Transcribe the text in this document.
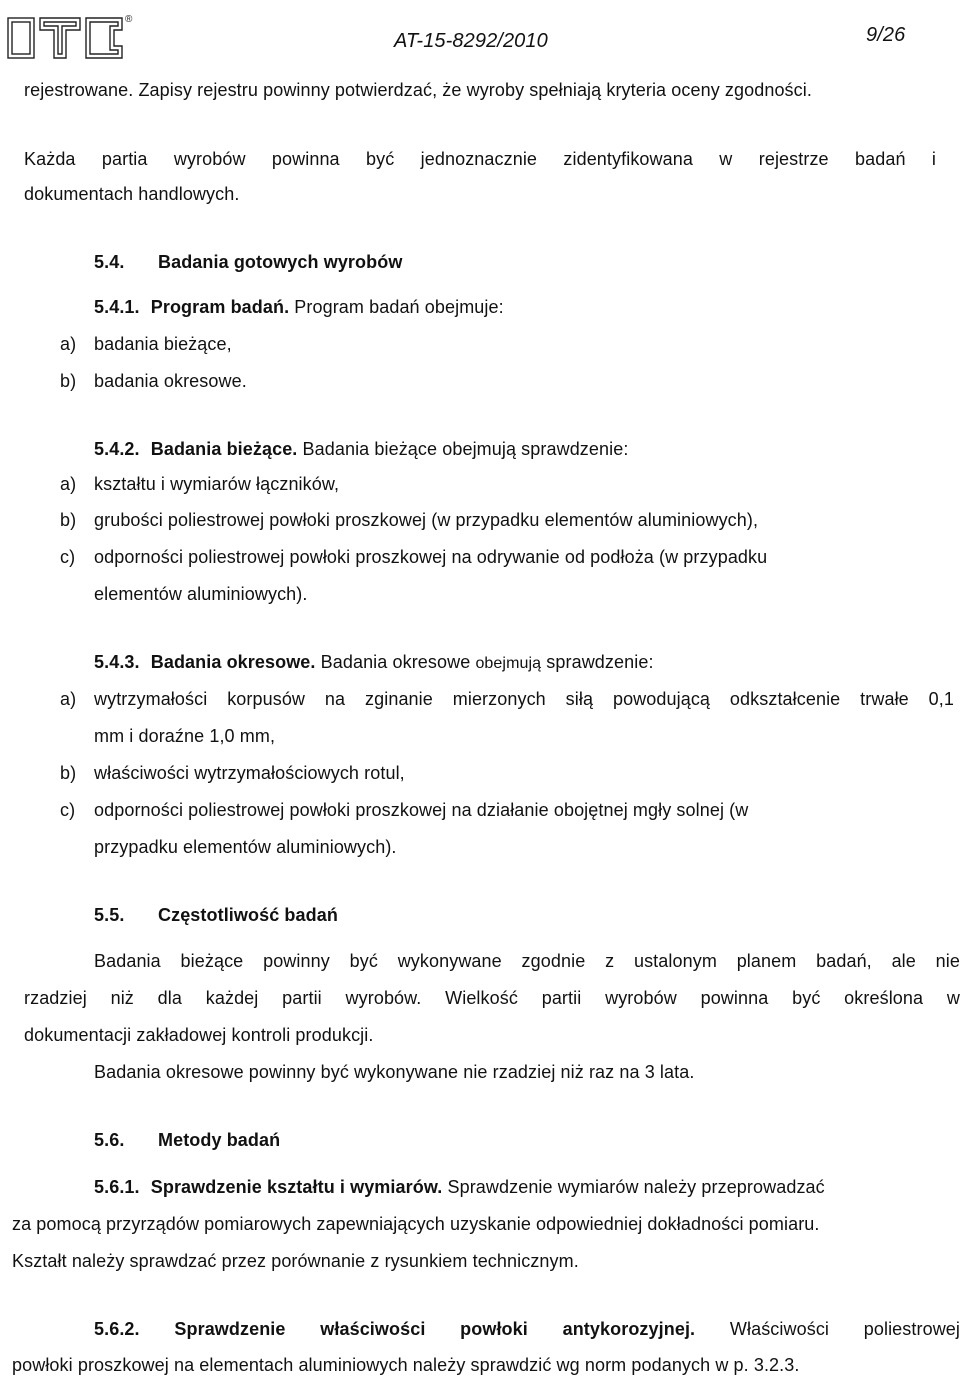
®
AT-15-8292/2010	9/26
rejestrowane. Zapisy rejestru powinny potwierdzać, że wyroby spełniają kryteria oceny zgodności.
Każda partia wyrobów powinna być jednoznacznie zidentyfikowana w rejestrze badań i
dokumentach handlowych.
5.4. Badania gotowych wyrobów
5.4.1. Program badań. Program badań obejmuje:
a) badania bieżące,
b) badania okresowe.
5.4.2. Badania bieżące. Badania bieżące obejmują sprawdzenie:
a) kształtu i wymiarów łączników,
b) grubości poliestrowej powłoki proszkowej (w przypadku elementów aluminiowych),
c) odporności poliestrowej powłoki proszkowej na odrywanie od podłoża (w przypadku
elementów aluminiowych).
5.4.3. Badania okresowe. Badania okresowe obejmują sprawdzenie:
a) wytrzymałości korpusów na zginanie mierzonych siłą powodującą odkształcenie trwałe 0,1
mm i doraźne 1,0 mm,
b) właściwości wytrzymałościowych rotul,
c) odporności poliestrowej powłoki proszkowej na działanie obojętnej mgły solnej (w
przypadku elementów aluminiowych).
5.5. Częstotliwość badań
Badania bieżące powinny być wykonywane zgodnie z ustalonym planem badań, ale nie
rzadziej niż dla każdej partii wyrobów. Wielkość partii wyrobów powinna być określona w
dokumentacji zakładowej kontroli produkcji.
Badania okresowe powinny być wykonywane nie rzadziej niż raz na 3 lata.
5.6. Metody badań
5.6.1. Sprawdzenie kształtu i wymiarów. Sprawdzenie wymiarów należy przeprowadzać
za pomocą przyrządów pomiarowych zapewniających uzyskanie odpowiedniej dokładności pomiaru.
Kształt należy sprawdzać przez porównanie z rysunkiem technicznym.
5.6.2. Sprawdzenie właściwości powłoki antykorozyjnej. Właściwości poliestrowej
powłoki proszkowej na elementach aluminiowych należy sprawdzić wg norm podanych w p. 3.2.3.
